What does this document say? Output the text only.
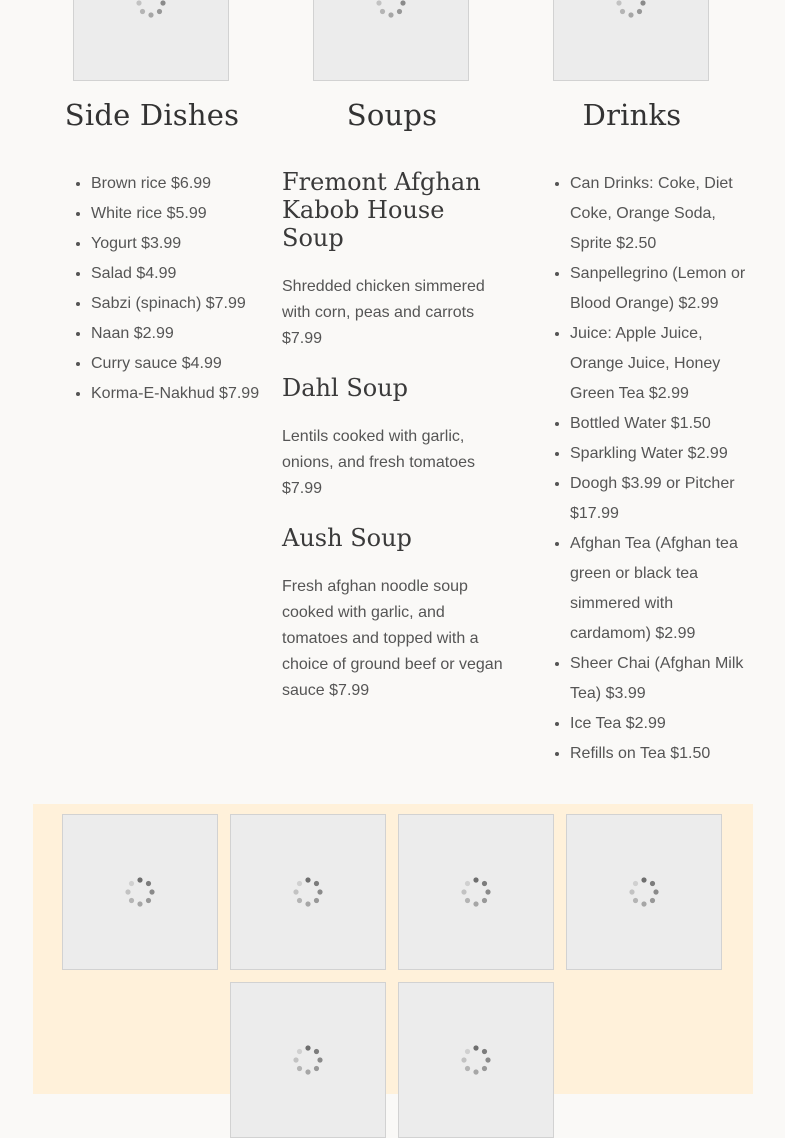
Side Dishes	Soups	Drinks
• Brown rice $6.99
• White rice $5.99
• Yogurt $3.99
• Salad $4.99
• Sabzi (spinach) $7.99
• Naan $2.99
• Curry sauce $4.99
• Korma-E-Nakhud $7.99
Fremont Afghan Kabob House Soup

Shredded chicken simmered with corn, peas and carrots $7.99

Dahl Soup

Lentils cooked with garlic, onions, and fresh tomatoes $7.99

Aush Soup

Fresh afghan noodle soup cooked with garlic, and tomatoes and topped with a choice of ground beef or vegan sauce $7.99

• Can Drinks: Coke, Diet Coke, Orange Soda, Sprite $2.50
• Sanpellegrino (Lemon or Blood Orange) $2.99
• Juice: Apple Juice, Orange Juice, Honey Green Tea $2.99
• Bottled Water $1.50
• Sparkling Water $2.99
• Doogh $3.99 or Pitcher $17.99
• Afghan Tea (Afghan tea green or black tea simmered with cardamom) $2.99
• Sheer Chai (Afghan Milk Tea) $3.99
• Ice Tea $2.99
• Refills on Tea $1.50
